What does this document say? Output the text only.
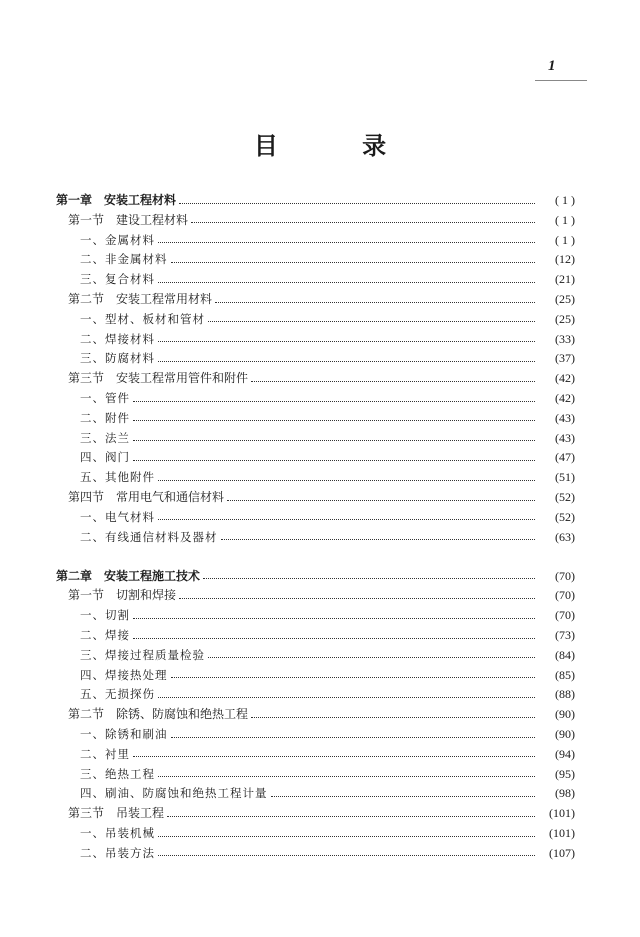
1
目 录
第一章　安装工程材料	( 1 )
第一节　建设工程材料	( 1 )
一、金属材料	( 1 )
二、非金属材料	(12)
三、复合材料	(21)
第二节　安装工程常用材料	(25)
一、型材、板材和管材	(25)
二、焊接材料	(33)
三、防腐材料	(37)
第三节　安装工程常用管件和附件	(42)
一、管件	(42)
二、附件	(43)
三、法兰	(43)
四、阀门	(47)
五、其他附件	(51)
第四节　常用电气和通信材料	(52)
一、电气材料	(52)
二、有线通信材料及器材	(63)
第二章　安装工程施工技术	(70)
第一节　切割和焊接	(70)
一、切割	(70)
二、焊接	(73)
三、焊接过程质量检验	(84)
四、焊接热处理	(85)
五、无损探伤	(88)
第二节　除锈、防腐蚀和绝热工程	(90)
一、除锈和刷油	(90)
二、衬里	(94)
三、绝热工程	(95)
四、刷油、防腐蚀和绝热工程计量	(98)
第三节　吊装工程	(101)
一、吊装机械	(101)
二、吊装方法	(107)
